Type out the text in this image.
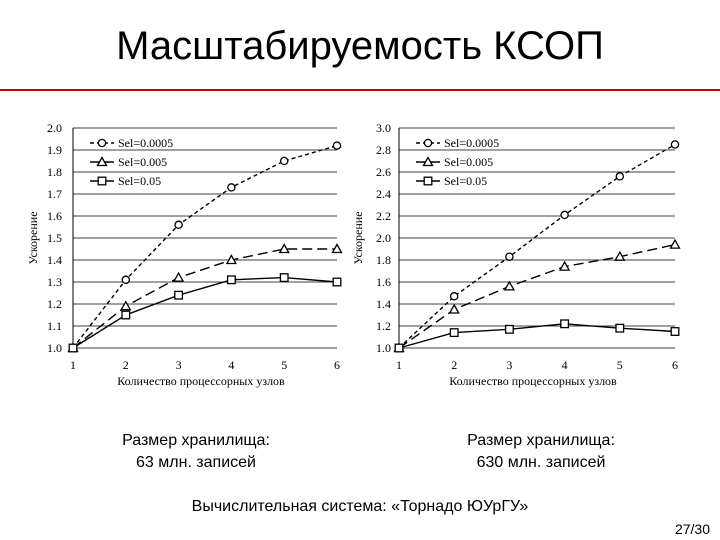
Масштабируемость КСОП
1.0
1.1
1.2
1.3
1.4
1.5
1.6
1.7
1.8
1.9
2.0
1	2	3	4	5	6
Количество процессорных узлов
Ускорение
Sel=0.0005
Sel=0.005
Sel=0.05
1.0
1.2
1.4
1.6
1.8
2.0
2.2
2.4
2.6
2.8
3.0
1	2	3	4	5	6
Количество процессорных узлов
Ускорение
Sel=0.0005
Sel=0.005
Sel=0.05
Размер хранилища:
63 млн. записей
Размер хранилища:
630 млн. записей
Вычислительная система: «Торнадо ЮУрГУ»
27/30
